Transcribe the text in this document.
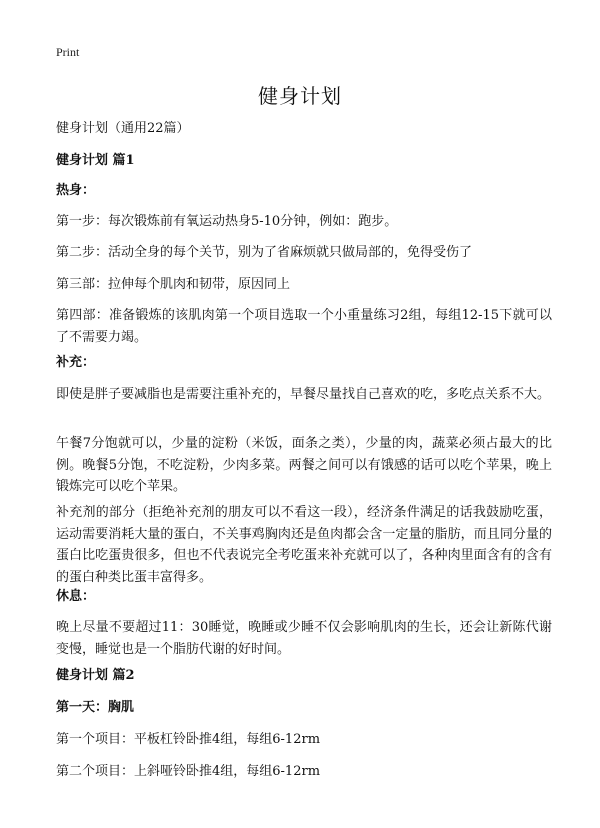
Print
健身计划
健身计划（通用22篇）
健身计划 篇1
热身：
第一步：每次锻炼前有氧运动热身5-10分钟，例如：跑步。
第二步：活动全身的每个关节，别为了省麻烦就只做局部的，免得受伤了
第三部：拉伸每个肌肉和韧带，原因同上
第四部：准备锻炼的该肌肉第一个项目选取一个小重量练习2组，每组12-15下就可以了不需要力竭。
补充：
即使是胖子要减脂也是需要注重补充的，早餐尽量找自己喜欢的吃，多吃点关系不大。
午餐7分饱就可以，少量的淀粉（米饭，面条之类），少量的肉，蔬菜必须占最大的比例。晚餐5分饱，不吃淀粉，少肉多菜。两餐之间可以有饿感的话可以吃个苹果，晚上锻炼完可以吃个苹果。
补充剂的部分（拒绝补充剂的朋友可以不看这一段），经济条件满足的话我鼓励吃蛋，运动需要消耗大量的蛋白，不关事鸡胸肉还是鱼肉都会含一定量的脂肪，而且同分量的蛋白比吃蛋贵很多，但也不代表说完全考吃蛋来补充就可以了，各种肉里面含有的含有的蛋白种类比蛋丰富得多。
休息：
晚上尽量不要超过11：30睡觉，晚睡或少睡不仅会影响肌肉的生长，还会让新陈代谢变慢，睡觉也是一个脂肪代谢的好时间。
健身计划 篇2
第一天：胸肌
第一个项目：平板杠铃卧推4组，每组6-12rm
第二个项目：上斜哑铃卧推4组，每组6-12rm
